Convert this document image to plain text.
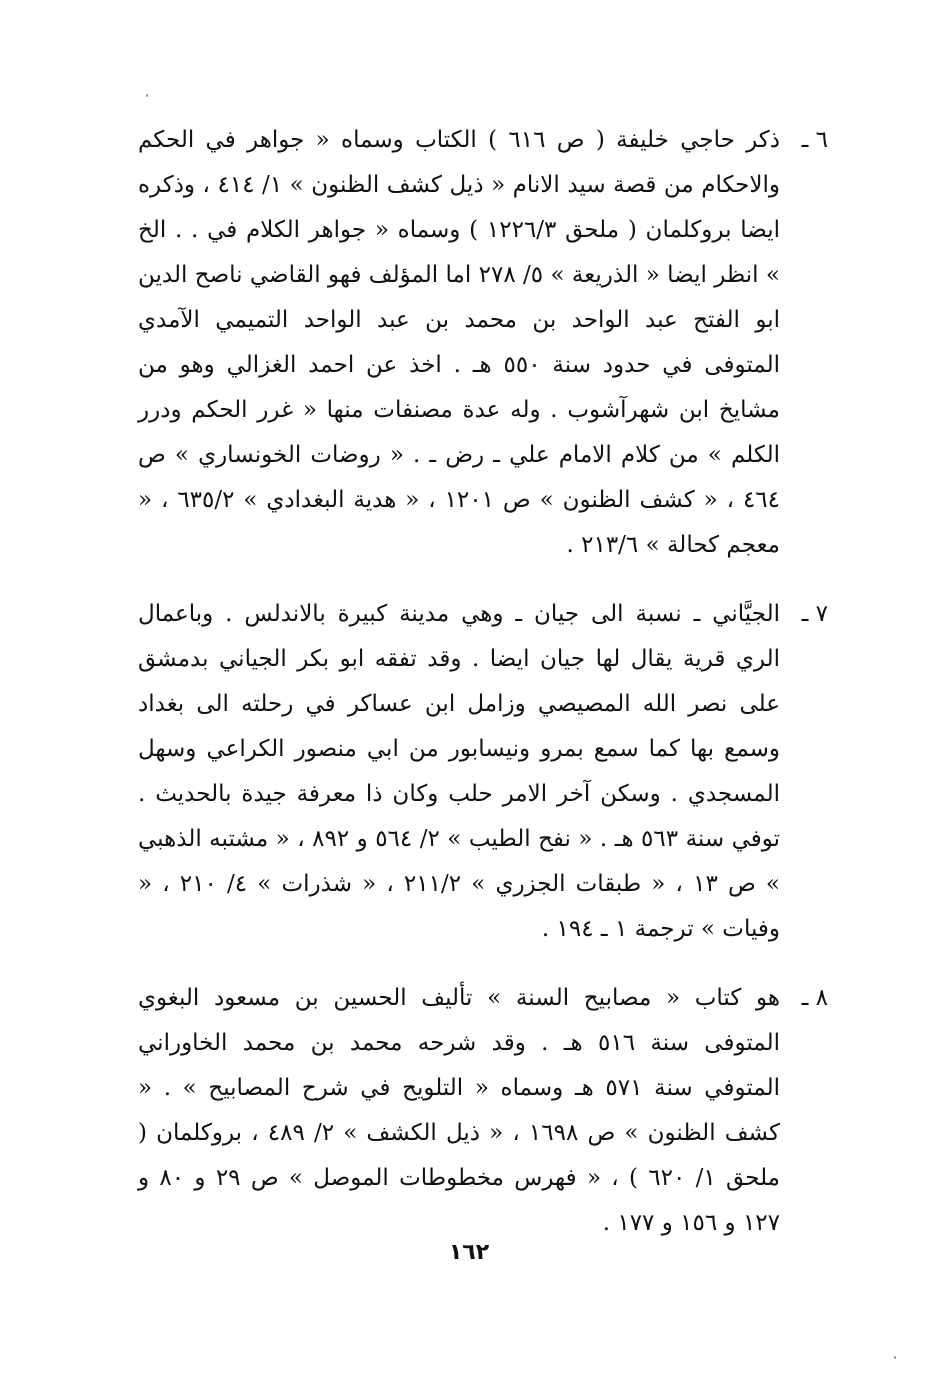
٦ ـ

ذكر حاجي خليفة ( ص ٦١٦ ) الكتاب وسماه « جواهر في الحكم والاحكام من قصة سيد الانام « ذيل كشف الظنون » ١/ ٤١٤ ، وذكره ايضا بروكلمان ( ملحق ١٢٢٦/٣ ) وسماه « جواهر الكلام في . . الخ » انظر ايضا « الذريعة » ٥/ ٢٧٨ اما المؤلف فهو القاضي ناصح الدين ابو الفتح عبد الواحد بن محمد بن عبد الواحد التميمي الآمدي المتوفى في حدود سنة ٥٥٠ هـ . اخذ عن احمد الغزالي وهو من مشايخ ابن شهرآشوب . وله عدة مصنفات منها « غرر الحكم ودرر الكلم » من كلام الامام علي ـ رض ـ . « روضات الخونساري » ص ٤٦٤ ، « كشف الظنون » ص ١٢٠١ ، « هدية البغدادي » ٦٣٥/٢ ، « معجم كحالة » ٢١٣/٦ .

٧ ـ

الجيَّاني ـ نسبة الى جيان ـ وهي مدينة كبيرة بالاندلس . وباعمال الري قرية يقال لها جيان ايضا . وقد تفقه ابو بكر الجياني بدمشق على نصر الله المصيصي وزامل ابن عساكر في رحلته الى بغداد وسمع بها كما سمع بمرو ونيسابور من ابي منصور الكراعي وسهل المسجدي . وسكن آخر الامر حلب وكان ذا معرفة جيدة بالحديث . توفي سنة ٥٦٣ هـ . « نفح الطيب » ٢/ ٥٦٤ و ٨٩٢ ، « مشتبه الذهبي » ص ١٣ ، « طبقات الجزري » ٢١١/٢ ، « شذرات » ٤/ ٢١٠ ، « وفيات » ترجمة ١ ـ ١٩٤ .

٨ ـ

هو كتاب « مصابيح السنة » تأليف الحسين بن مسعود البغوي المتوفى سنة ٥١٦ هـ . وقد شرحه محمد بن محمد الخاوراني المتوفي سنة ٥٧١ هـ وسماه « التلويح في شرح المصابيح » . « كشف الظنون » ص ١٦٩٨ ، « ذيل الكشف » ٢/ ٤٨٩ ، بروكلمان ( ملحق ١/ ٦٢٠ ) ، « فهرس مخطوطات الموصل » ص ٢٩ و ٨٠ و ١٢٧ و ١٥٦ و ١٧٧ .

١٦٢
